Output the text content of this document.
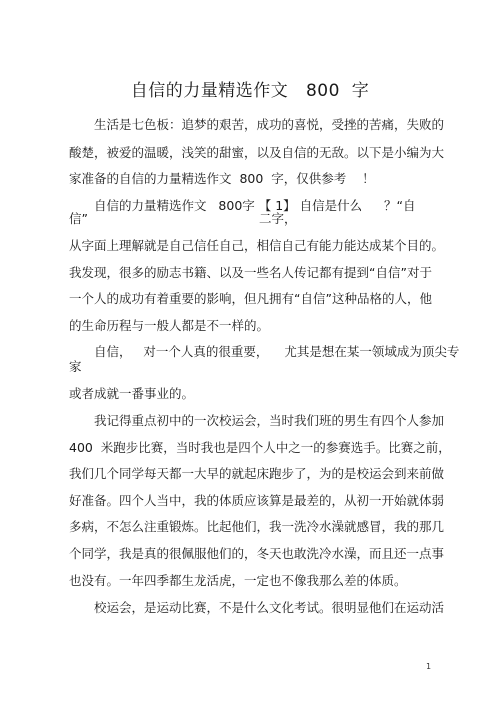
自信的力量精选作文   800  字
生活是七色板：追梦的艰苦，成功的喜悦，受挫的苦痛，失败的
酸楚，被爱的温暖，浅笑的甜蜜，以及自信的无敌。以下是小编为大
家准备的自信的力量精选作文  800  字，仅供参考    ！
自信的力量精选作文   800字 【 1】 自信是什么 ？“自
信”	二字，
从字面上理解就是自己信任自己，相信自己有能力能达成某个目的。
我发现，很多的励志书籍、以及一些名人传记都有提到“自信”对于
一个人的成功有着重要的影响，但凡拥有“自信”这种品格的人，他
的生命历程与一般人都是不一样的。
自信，   对一个人真的很重要，    尤其是想在某一领域成为顶尖专
家
或者成就一番事业的。
我记得重点初中的一次校运会，当时我们班的男生有四个人参加
400  米跑步比赛，当时我也是四个人中之一的参赛选手。比赛之前，
我们几个同学每天都一大早的就起床跑步了，为的是校运会到来前做
好准备。四个人当中，我的体质应该算是最差的，从初一开始就体弱
多病，不怎么注重锻炼。比起他们，我一洗冷水澡就感冒，我的那几
个同学，我是真的很佩服他们的，冬天也敢洗冷水澡，而且还一点事
也没有。一年四季都生龙活虎，一定也不像我那么差的体质。
校运会，是运动比赛，不是什么文化考试。很明显他们在运动活
1
